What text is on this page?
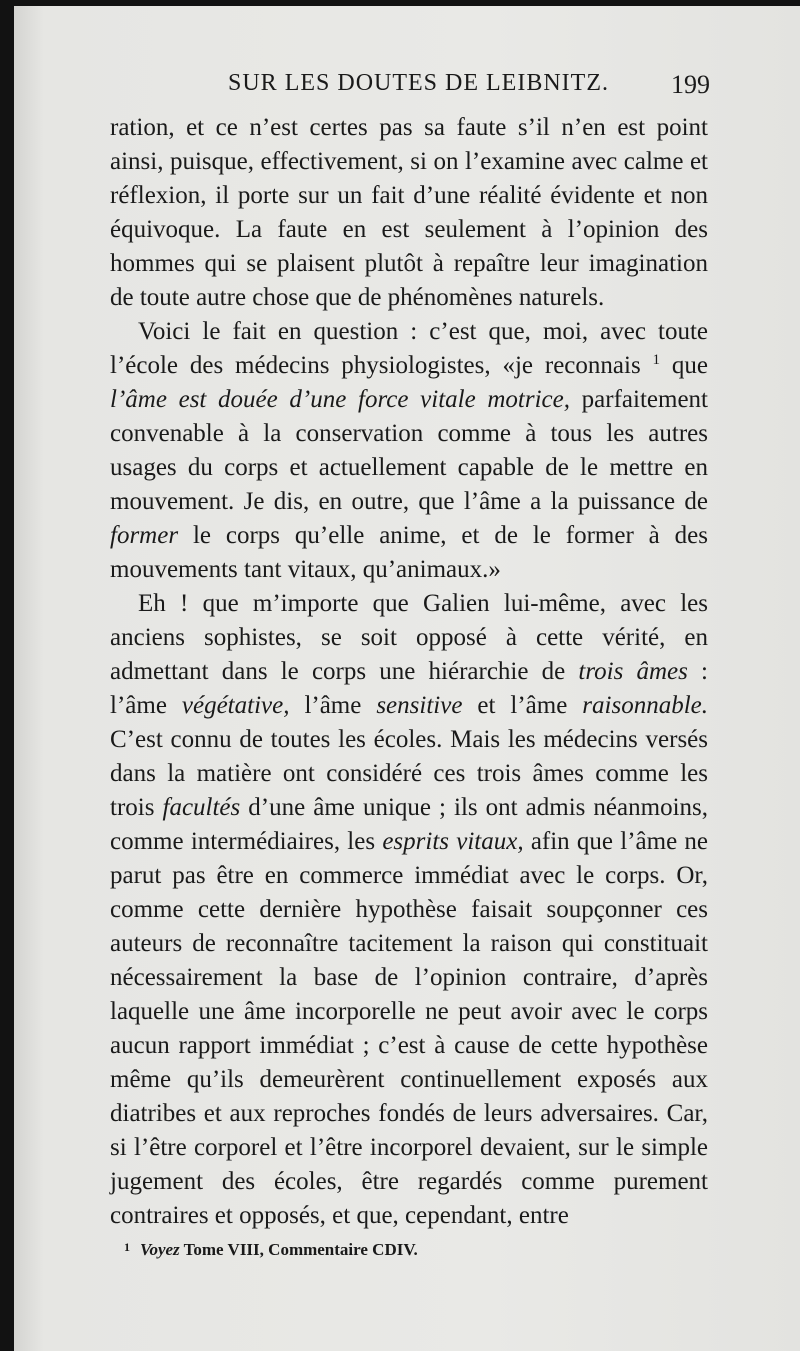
SUR LES DOUTES DE LEIBNITZ. 199

ration, et ce n’est certes pas sa faute s’il n’en est point ainsi, puisque, effectivement, si on l’examine avec calme et réflexion, il porte sur un fait d’une réalité évidente et non équivoque. La faute en est seulement à l’opinion des hommes qui se plaisent plutôt à repaître leur imagination de toute autre chose que de phénomènes naturels.

Voici le fait en question : c’est que, moi, avec toute l’école des médecins physiologistes, «je reconnais $^1$ que l’âme est douée d’une force vitale motrice, parfaitement convenable à la conservation comme à tous les autres usages du corps et actuellement capable de le mettre en mouvement. Je dis, en outre, que l’âme a la puissance de former le corps qu’elle anime, et de le former à des mouvements tant vitaux, qu’animaux.»

Eh ! que m’importe que Galien lui-même, avec les anciens sophistes, se soit opposé à cette vérité, en admettant dans le corps une hiérarchie de trois âmes : l’âme végétative, l’âme sensitive et l’âme raisonnable. C’est connu de toutes les écoles. Mais les médecins versés dans la matière ont considéré ces trois âmes comme les trois facultés d’une âme unique ; ils ont admis néanmoins, comme intermédiaires, les esprits vitaux, afin que l’âme ne parut pas être en commerce immédiat avec le corps. Or, comme cette dernière hypothèse faisait soupçonner ces auteurs de reconnaître tacitement la raison qui constituait nécessairement la base de l’opinion contraire, d’après laquelle une âme incorporelle ne peut avoir avec le corps aucun rapport immédiat ; c’est à cause de cette hypothèse même qu’ils demeurèrent continuellement exposés aux diatribes et aux reproches fondés de leurs adversaires. Car, si l’être corporel et l’être incorporel devaient, sur le simple jugement des écoles, être regardés comme purement contraires et opposés, et que, cependant, entre

$^1$ Voyez Tome VIII, Commentaire CDIV.
